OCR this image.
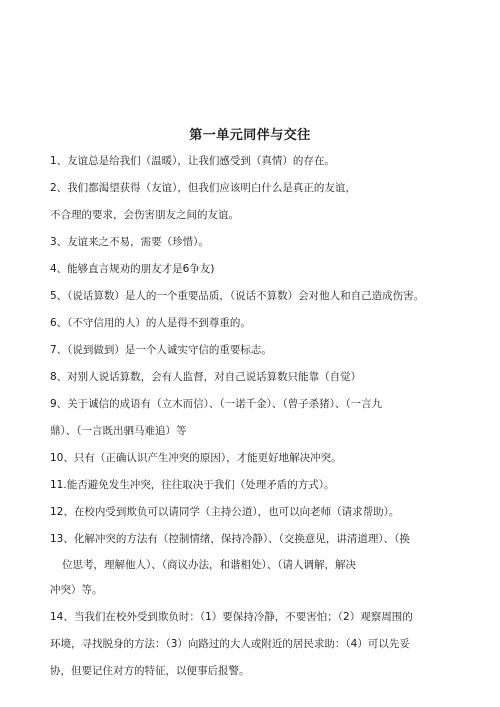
第一单元同伴与交往
1、友谊总是给我们（温暖），让我们感受到（真情）的存在。
2、我们都渴望获得（友谊），但我们应该明白什么是真正的友谊，
不合理的要求，会伤害朋友之间的友谊。
3、友谊来之不易，需要（珍惜）。
4、能够直言规劝的朋友才是6争友)
5、（说话算数）是人的一个重要品质，（说话不算数）会对他人和自己造成伤害。
6、（不守信用的人）的人是得不到尊重的。
7、（说到做到）是一个人诚实守信的重要标志。
8、对别人说话算数，会有人监督，对自己说话算数只能靠（自觉）
9、关于诚信的成语有（立木而信）、（一诺千金）、（曾子杀猪）、（一言九
鼎）、（一言既出驷马难追）等
10、只有（正确认识产生冲突的原因），才能更好地解决冲突。
11.能否避免发生冲突，往往取决于我们（处理矛盾的方式）。
12、在校内受到欺负可以请同学（主持公道），也可以向老师（请求帮助）。
13、化解冲突的方法有（控制情绪，保持冷静）、（交换意见，讲清道理）、（换
位思考，理解他人）、（商议办法，和谐相处）、（请人调解，解决
冲突）等。
14、当我们在校外受到欺负时：（1）要保持冷静，不要害怕；（2）观察周围的
环境，寻找脱身的方法：（3）向路过的大人或附近的居民求助：（4）可以先妥
协，但要记住对方的特征，以便事后报警。
